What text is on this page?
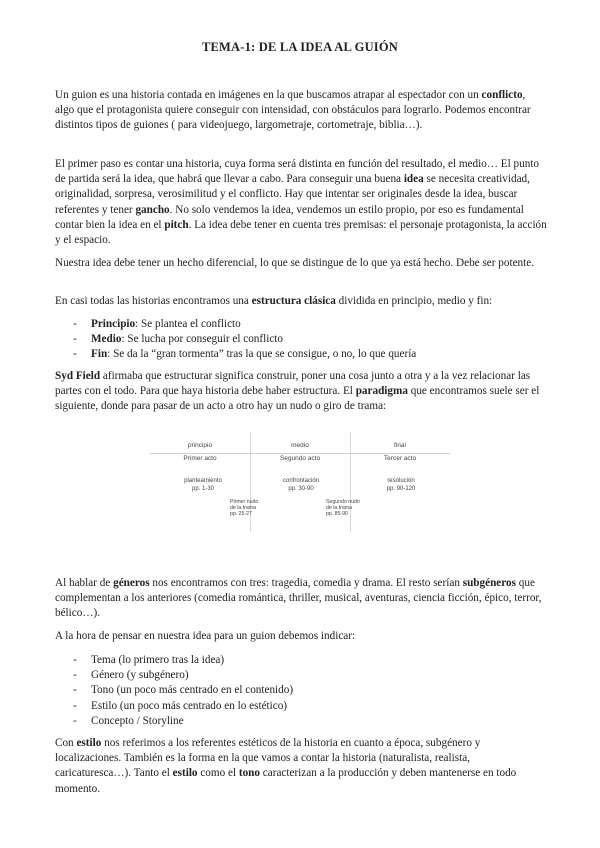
TEMA-1: DE LA IDEA AL GUIÓN

Un guion es una historia contada en imágenes en la que buscamos atrapar al espectador con un conflicto, algo que el protagonista quiere conseguir con intensidad, con obstáculos para lograrlo. Podemos encontrar distintos tipos de guiones ( para videojuego, largometraje, cortometraje, biblia…).

El primer paso es contar una historia, cuya forma será distinta en función del resultado, el medio… El punto de partida será la idea, que habrá que llevar a cabo. Para conseguir una buena idea se necesita creatividad, originalidad, sorpresa, verosimilitud y el conflicto. Hay que intentar ser originales desde la idea, buscar referentes y tener gancho. No solo vendemos la idea, vendemos un estilo propio, por eso es fundamental contar bien la idea en el pitch. La idea debe tener en cuenta tres premisas: el personaje protagonista, la acción y el espacio.

Nuestra idea debe tener un hecho diferencial, lo que se distingue de lo que ya está hecho. Debe ser potente.

En casi todas las historias encontramos una estructura clásica dividida en principio, medio y fin:

- Principio: Se plantea el conflicto
- Medio: Se lucha por conseguir el conflicto
- Fin: Se da la “gran tormenta” tras la que se consigue, o no, lo que quería

Syd Field afirmaba que estructurar significa construir, poner una cosa junto a otra y a la vez relacionar las partes con el todo. Para que haya historia debe haber estructura. El paradigma que encontramos suele ser el siguiente, donde para pasar de un acto a otro hay un nudo o giro de trama:

principio
Primer acto
medio
Segundo acto
final
Tercer acto
planteamiento
pp. 1-30
confrontación
pp. 30-90
resolución
pp. 90-120
Primer nudo
de la trama
pp. 25-27
Segundo nudo
de la trama
pp. 85-90

Al hablar de géneros nos encontramos con tres: tragedia, comedia y drama. El resto serían subgéneros que complementan a los anteriores (comedia romántica, thriller, musical, aventuras, ciencia ficción, épico, terror, bélico…).

A la hora de pensar en nuestra idea para un guion debemos indicar:

- Tema (lo primero tras la idea)
- Género (y subgénero)
- Tono (un poco más centrado en el contenido)
- Estilo (un poco más centrado en lo estético)
- Concepto / Storyline

Con estilo nos referimos a los referentes estéticos de la historia en cuanto a época, subgénero y localizaciones. También es la forma en la que vamos a contar la historia (naturalista, realista, caricaturesca…). Tanto el estilo como el tono caracterizan a la producción y deben mantenerse en todo momento.
